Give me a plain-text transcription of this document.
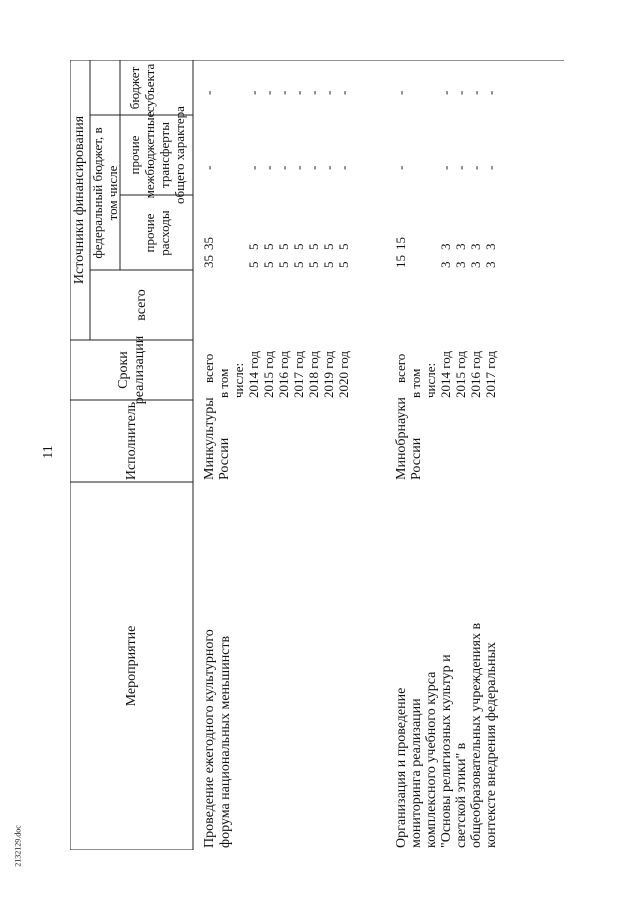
11
2132129.doc
Мероприятие
Исполнитель
Сроки реализации
Источники финансирования
всего
федеральный бюджет, в том числе
прочие расходы
прочие межбюджетные трансферты общего характера
бюджет субъекта
Проведение ежегодного культурного форума национальных меньшинств
Минкультуры России
всего
в том числе: 2014 год 2015 год 2016 год 2017 год 2018 год 2019 год 2020 год
35 5 5 5 5 5 5 5
35 5 5 5 5 5 5 5
- - - - - - - -
- - - - - - - -
Организация и проведение мониторинга реализации комплексного учебного курса "Основы религиозных культур и светской этики" в общеобразовательных учреждениях в контексте внедрения федеральных
Минобрнауки России
всего
в том числе: 2014 год 2015 год 2016 год 2017 год
15 3 3 3 3
15 3 3 3 3
- - - - -
- - - - -
